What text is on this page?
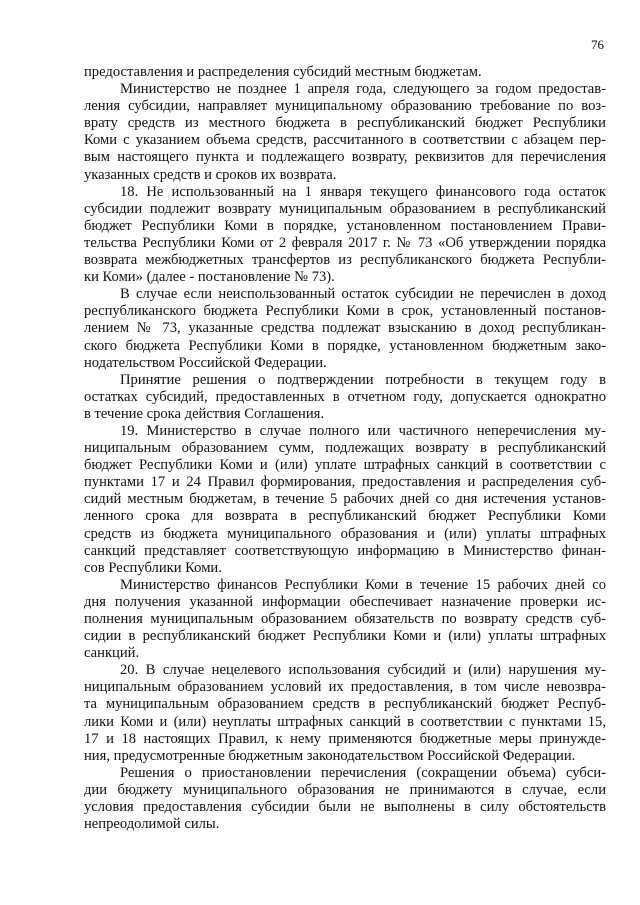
76
предоставления и распределения субсидий местным бюджетам.
Министерство не позднее 1 апреля года, следующего за годом предостав-
ления субсидии, направляет муниципальному образованию требование по воз-
врату средств из местного бюджета в республиканский бюджет Республики
Коми с указанием объема средств, рассчитанного в соответствии с абзацем пер-
вым настоящего пункта и подлежащего возврату, реквизитов для перечисления
указанных средств и сроков их возврата.
18. Не использованный на 1 января текущего финансового года остаток
субсидии подлежит возврату муниципальным образованием в республиканский
бюджет Республики Коми в порядке, установленном постановлением Прави-
тельства Республики Коми от 2 февраля 2017 г. № 73 «Об утверждении порядка
возврата межбюджетных трансфертов из республиканского бюджета Республи-
ки Коми» (далее - постановление № 73).
В случае если неиспользованный остаток субсидии не перечислен в доход
республиканского бюджета Республики Коми в срок, установленный постанов-
лением № 73, указанные средства подлежат взысканию в доход республикан-
ского бюджета Республики Коми в порядке, установленном бюджетным зако-
нодательством Российской Федерации.
Принятие решения о подтверждении потребности в текущем году в
остатках субсидий, предоставленных в отчетном году, допускается однократно
в течение срока действия Соглашения.
19. Министерство в случае полного или частичного неперечисления му-
ниципальным образованием сумм, подлежащих возврату в республиканский
бюджет Республики Коми и (или) уплате штрафных санкций в соответствии с
пунктами 17 и 24 Правил формирования, предоставления и распределения суб-
сидий местным бюджетам, в течение 5 рабочих дней со дня истечения установ-
ленного срока для возврата в республиканский бюджет Республики Коми
средств из бюджета муниципального образования и (или) уплаты штрафных
санкций представляет соответствующую информацию в Министерство финан-
сов Республики Коми.
Министерство финансов Республики Коми в течение 15 рабочих дней со
дня получения указанной информации обеспечивает назначение проверки ис-
полнения муниципальным образованием обязательств по возврату средств суб-
сидии в республиканский бюджет Республики Коми и (или) уплаты штрафных
санкций.
20. В случае нецелевого использования субсидий и (или) нарушения му-
ниципальным образованием условий их предоставления, в том числе невозвра-
та муниципальным образованием средств в республиканский бюджет Респуб-
лики Коми и (или) неуплаты штрафных санкций в соответствии с пунктами 15,
17 и 18 настоящих Правил, к нему применяются бюджетные меры принужде-
ния, предусмотренные бюджетным законодательством Российской Федерации.
Решения о приостановлении перечисления (сокращении объема) субси-
дии бюджету муниципального образования не принимаются в случае, если
условия предоставления субсидии были не выполнены в силу обстоятельств
непреодолимой силы.
